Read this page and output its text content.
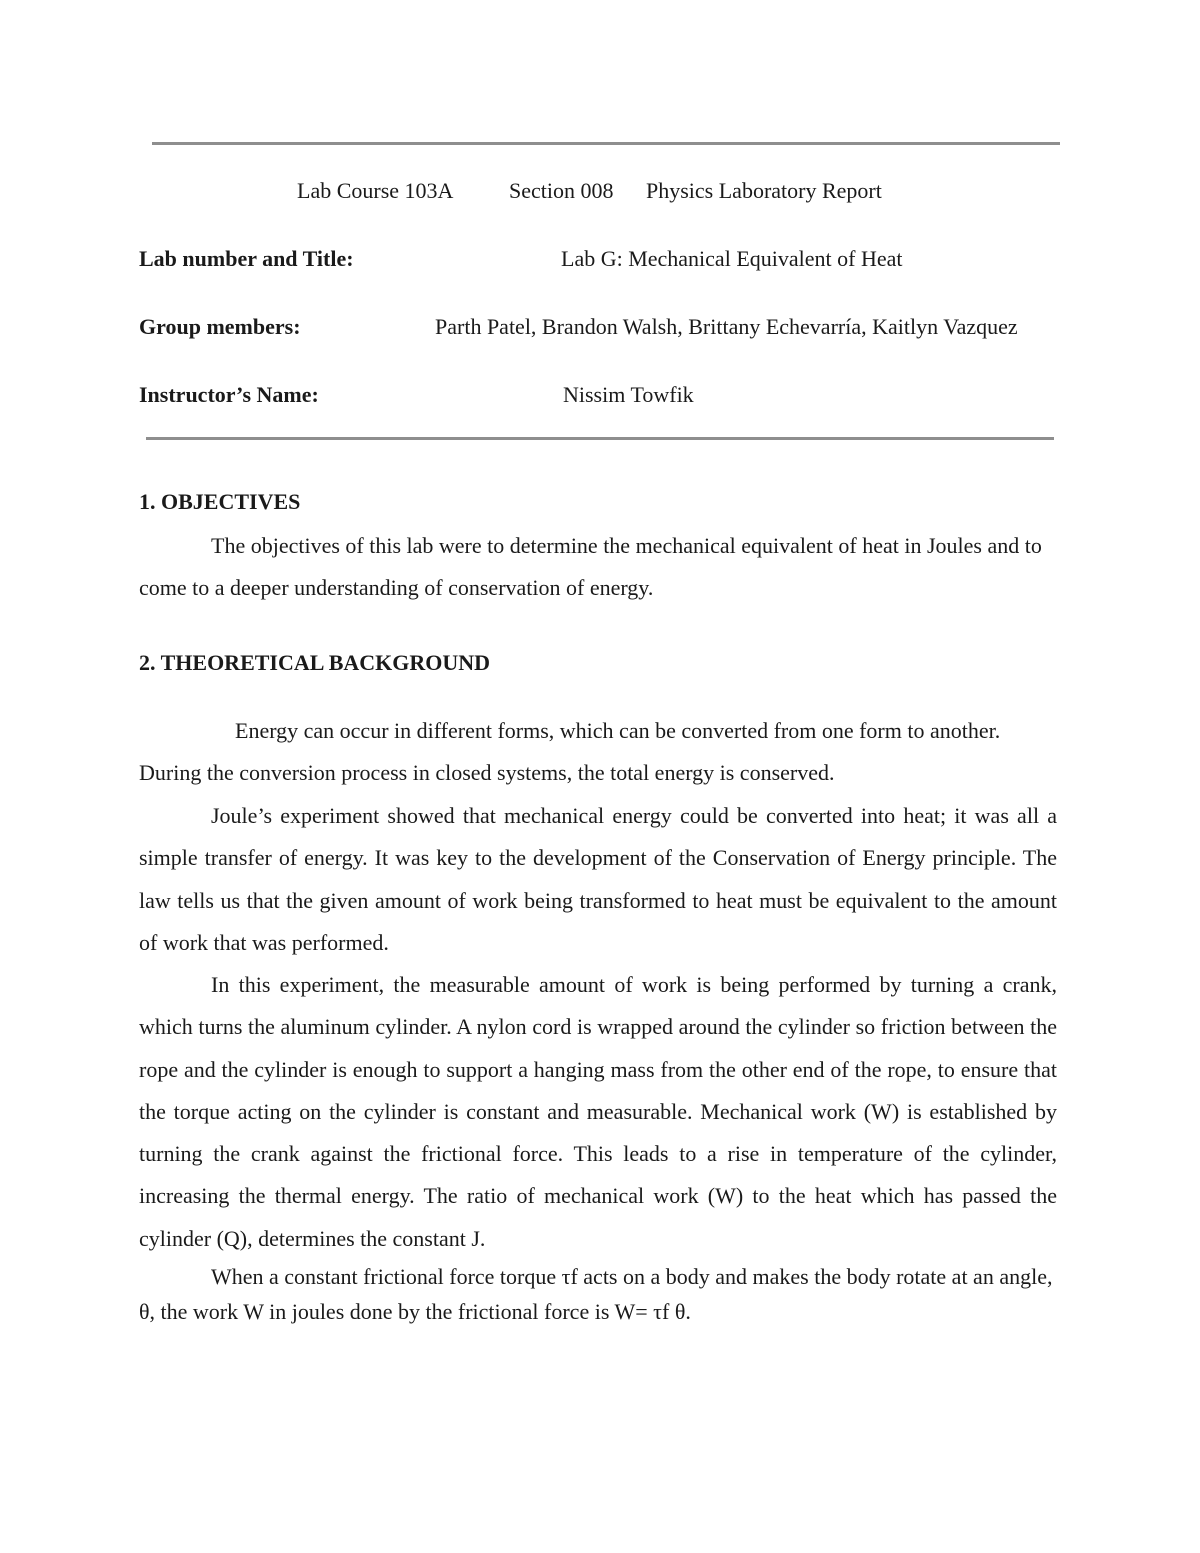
Lab Course 103A	Section 008 Physics Laboratory Report
Lab number and Title:	Lab G: Mechanical Equivalent of Heat
Group members:	Parth Patel, Brandon Walsh, Brittany Echevarría, Kaitlyn Vazquez
Instructor’s Name:	Nissim Towfik
1. OBJECTIVES

The objectives of this lab were to determine the mechanical equivalent of heat in Joules and to come to a deeper understanding of conservation of energy.

2. THEORETICAL BACKGROUND

Energy can occur in different forms, which can be converted from one form to another. During the conversion process in closed systems, the total energy is conserved.

Joule’s experiment showed that mechanical energy could be converted into heat; it was all a simple transfer of energy. It was key to the development of the Conservation of Energy principle. The law tells us that the given amount of work being transformed to heat must be equivalent to the amount of work that was performed.

In this experiment, the measurable amount of work is being performed by turning a crank, which turns the aluminum cylinder. A nylon cord is wrapped around the cylinder so friction between the rope and the cylinder is enough to support a hanging mass from the other end of the rope, to ensure that the torque acting on the cylinder is constant and measurable. Mechanical work (W) is established by turning the crank against the frictional force. This leads to a rise in temperature of the cylinder, increasing the thermal energy. The ratio of mechanical work (W) to the heat which has passed the cylinder (Q), determines the constant J.

When a constant frictional force torque τf acts on a body and makes the body rotate at an angle, θ, the work W in joules done by the frictional force is W= τf θ.
